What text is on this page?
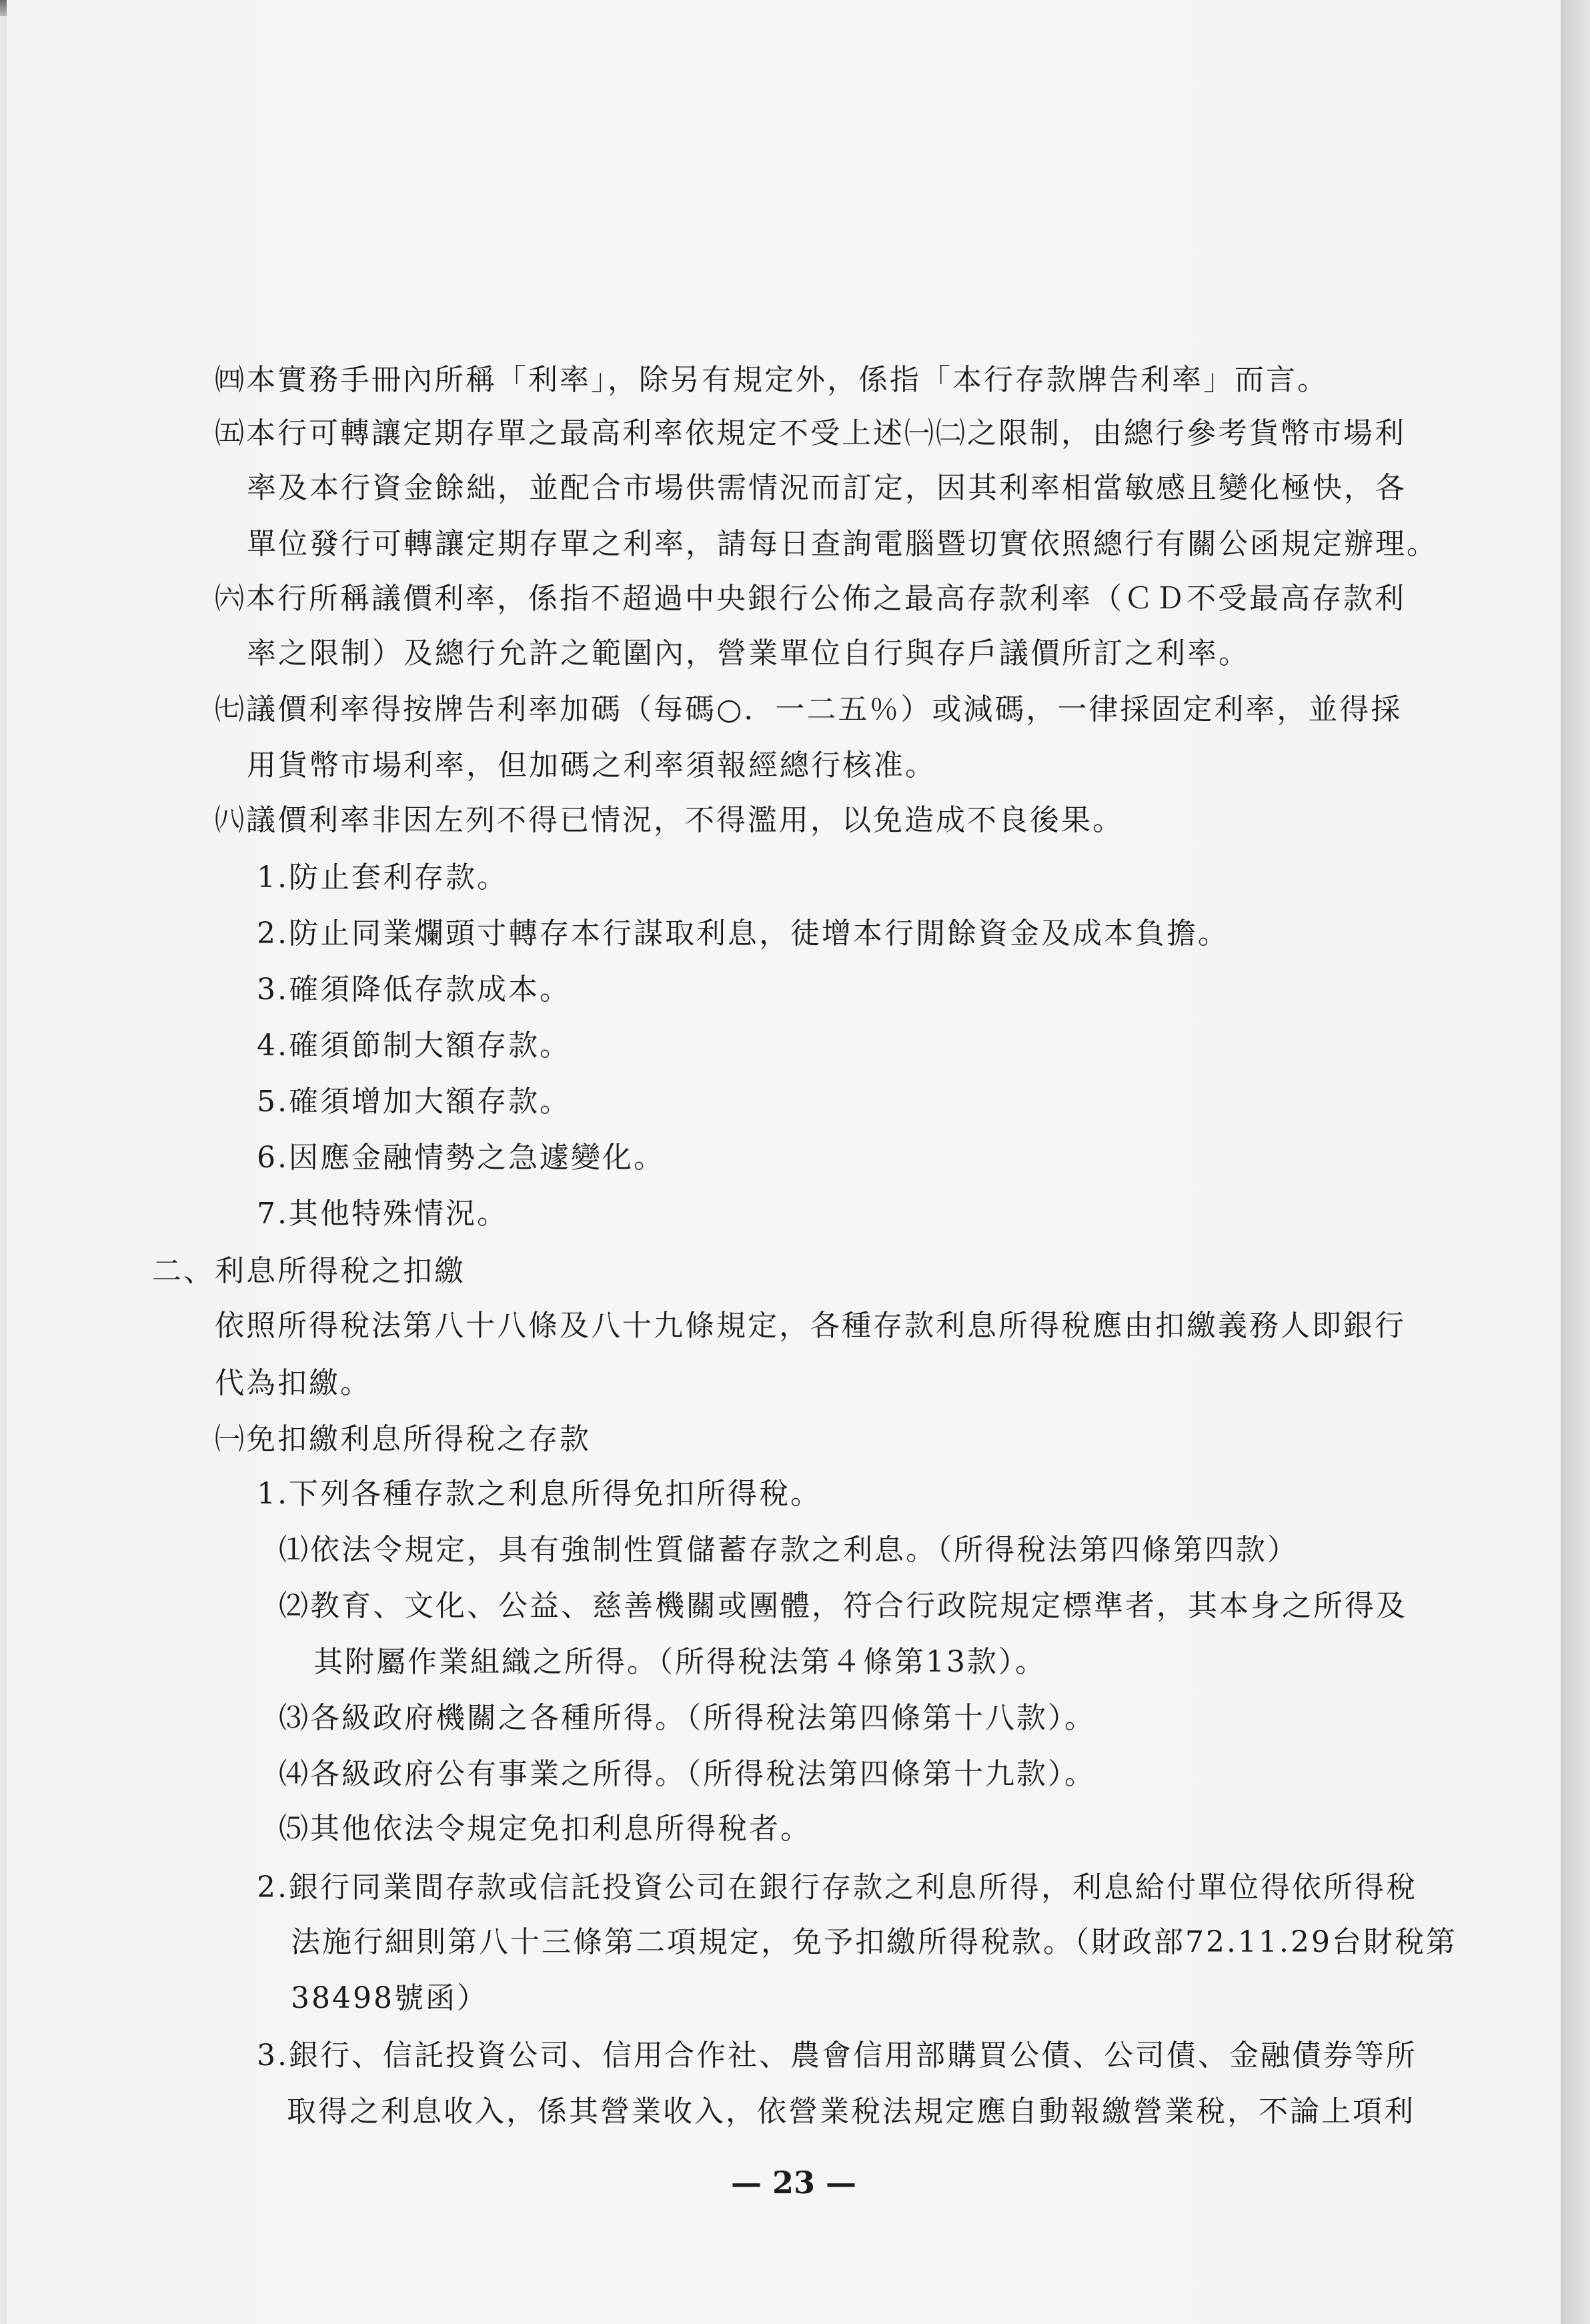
㈣本實務手冊內所稱「利率」，除另有規定外，係指「本行存款牌告利率」而言。
㈤本行可轉讓定期存單之最高利率依規定不受上述㈠㈡之限制，由總行參考貨幣市場利
率及本行資金餘絀，並配合市場供需情況而訂定，因其利率相當敏感且變化極快，各
單位發行可轉讓定期存單之利率，請每日查詢電腦暨切實依照總行有關公函規定辦理。
㈥本行所稱議價利率，係指不超過中央銀行公佈之最高存款利率（ＣＤ不受最高存款利
率之限制）及總行允許之範圍內，營業單位自行與存戶議價所訂之利率。
㈦議價利率得按牌告利率加碼（每碼○．一二五％）或減碼，一律採固定利率，並得採
用貨幣市場利率，但加碼之利率須報經總行核准。
㈧議價利率非因左列不得已情況，不得濫用，以免造成不良後果。
1.防止套利存款。
2.防止同業爛頭寸轉存本行謀取利息，徒增本行閒餘資金及成本負擔。
3.確須降低存款成本。
4.確須節制大額存款。
5.確須增加大額存款。
6.因應金融情勢之急遽變化。
7.其他特殊情況。
二、利息所得稅之扣繳
依照所得稅法第八十八條及八十九條規定，各種存款利息所得稅應由扣繳義務人即銀行
代為扣繳。
㈠免扣繳利息所得稅之存款
1.下列各種存款之利息所得免扣所得稅。
⑴依法令規定，具有強制性質儲蓄存款之利息。（所得稅法第四條第四款）
⑵教育、文化、公益、慈善機關或團體，符合行政院規定標準者，其本身之所得及
其附屬作業組織之所得。（所得稅法第４條第13款）。
⑶各級政府機關之各種所得。（所得稅法第四條第十八款）。
⑷各級政府公有事業之所得。（所得稅法第四條第十九款）。
⑸其他依法令規定免扣利息所得稅者。
2.銀行同業間存款或信託投資公司在銀行存款之利息所得，利息給付單位得依所得稅
法施行細則第八十三條第二項規定，免予扣繳所得稅款。（財政部72.11.29台財稅第
38498號函）
3.銀行、信託投資公司、信用合作社、農會信用部購買公債、公司債、金融債券等所
取得之利息收入，係其營業收入，依營業稅法規定應自動報繳營業稅，不論上項利
— 23 —
